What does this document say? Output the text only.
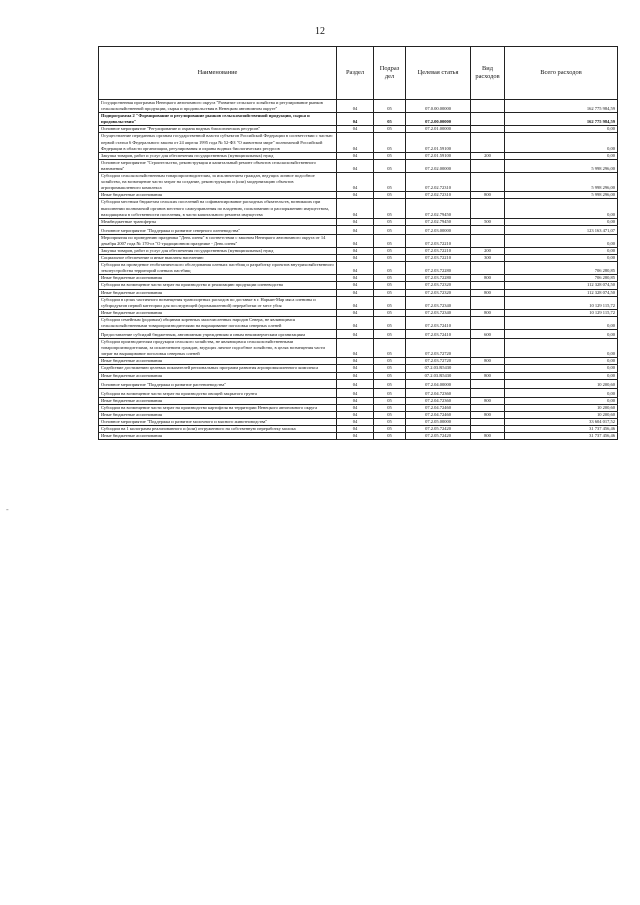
12
Наименование	Раздел	Подраз дел	Целевая статья	Вид расходов	Всего расходов
Государственная программа Ненецкого автономного округа "Развитие сельского хозяйства и регулирование рынков сельскохозяйственной продукции, сырья и продовольствия в Ненецком автономном округе"	04	05	07.0.00.00000		162 775 984,59
Подпрограмма 2 "Формирование и регулирование рынков сельскохозяйственной продукции, сырья и продовольствия"	04	05	07.2.00.00000		162 775 984,59
Основное мероприятие "Регулирование и охрана водных биологических ресурсов"	04	05	07.2.01.00000		0,00
Осуществление переданных органам государственной власти субъектов Российской Федерации в соответствии с частью первой статьи 6 Федерального закона от 24 апреля 1995 года № 52-ФЗ "О животном мире" полномочий Российской Федерации в области организации, регулирования и охраны водных биологических ресурсов	04	05	07.2.01.59100		0,00
Закупка товаров, работ и услуг для обеспечения государственных (муниципальных) нужд	04	05	07.2.01.59100	200	0,00
Основное мероприятие "Строительство, реконструкция и капитальный ремонт объектов сельскохозяйственного назначения"	04	05	07.2.02.00000		5 998 296,00
Субсидии сельскохозяйственным товаропроизводителям, за исключением граждан, ведущих личное подсобное хозяйство, на возмещение части затрат на создание, реконструкцию и (или) модернизацию объектов агропромышленного комплекса	04	05	07.2.02.72310		5 998 296,00
Иные бюджетные ассигнования	04	05	07.2.02.72310	800	5 998 296,00
Субсидии местным бюджетам сельских поселений на софинансирование расходных обязательств, возникших при выполнении полномочий органов местного самоуправления по владению, пользованию и распоряжению имуществом, находящимся в собственности поселения, в части капитального ремонта имущества	04	05	07.2.02.79450		0,00
Межбюджетные трансферты	04	05	07.2.02.79450	500	0,00
Основное мероприятие "Поддержка и развитие северного оленеводства"	04	05	07.2.03.00000		123 163 471,07
Мероприятия по проведению праздника "День оленя" в соответствии с законом Ненецкого автономного округа от 14 декабря 2007 года № 170-оз "О традиционном празднике - День оленя"	04	05	07.2.03.72210		0,00
Закупка товаров, работ и услуг для обеспечения государственных (муниципальных) нужд	04	05	07.2.03.72210	200	0,00
Социальное обеспечение и иные выплаты населению	04	05	07.2.03.72210	300	0,00
Субсидии на проведение геоботанического обследования оленьих пастбищ и разработку проектов внутрихозяйственного землеустройства территорий оленьих пастбищ	04	05	07.2.03.72280		706 280,85
Иные бюджетные ассигнования	04	05	07.2.03.72280	800	706 280,85
Субсидии на возмещение части затрат на производство и реализацию продукции оленеводства	04	05	07.2.03.72320		112 328 074,50
Иные бюджетные ассигнования	04	05	07.2.03.72320	800	112 328 074,50
Субсидии в целях частичного возмещения транспортных расходов по доставке в г. Нарьян-Мар мяса оленины и субпродуктов первой категории для последующей (промышленной) переработки от мест убоя	04	05	07.2.03.72340		10 129 115,72
Иные бюджетные ассигнования	04	05	07.2.03.72340	800	10 129 115,72
Субсидии семейным (родовым) общинам коренных малочисленных народов Севера, не являющимся сельскохозяйственными товаропроизводителями на выращивание поголовья северных оленей	04	05	07.2.03.72410		0,00
Предоставление субсидий бюджетным, автономным учреждениям и иным некоммерческим организациям	04	05	07.2.03.72410	600	0,00
Субсидии производителям продукции сельского хозяйства, не являющимся сельскохозяйственными товаропроизводителями, за исключением граждан, ведущих личное подсобное хозяйство, в целях возмещения части затрат на выращивание поголовья северных оленей	04	05	07.2.03.72720		0,00
Иные бюджетные ассигнования	04	05	07.2.03.72720	800	0,00
Содействие достижению целевых показателей региональных программ развития агропромышленного комплекса	04	05	07.2.03.R5430		0,00
Иные бюджетные ассигнования	04	05	07.2.03.R5430	800	0,00
Основное мероприятие "Поддержка и развитие растениеводства"	04	05	07.2.04.00000		10 200,60
Субсидии на возмещение части затрат на производство овощей закрытого грунта	04	05	07.2.04.72360		0,00
Иные бюджетные ассигнования	04	05	07.2.04.72360	800	0,00
Субсидии на возмещение части затрат на производство картофеля на территории Ненецкого автономного округа	04	05	07.2.04.72460		10 200,60
Иные бюджетные ассигнования	04	05	07.2.04.72460	800	10 200,60
Основное мероприятие "Поддержка и развитие молочного и мясного животноводства"	04	05	07.2.05.00000		33 604 017,52
Субсидии на 1 килограмм реализованного и (или) отгруженного на собственную переработку молока	04	05	07.2.05.72420		31 737 456,46
Иные бюджетные ассигнования	04	05	07.2.05.72420	800	31 737 456,46
-
